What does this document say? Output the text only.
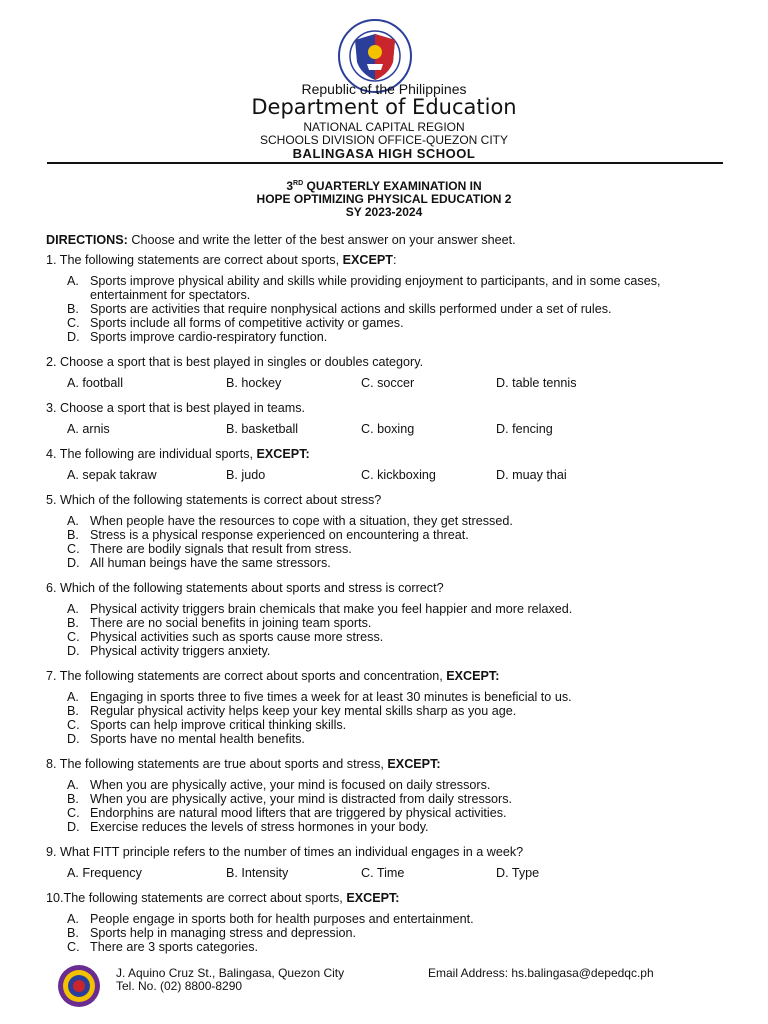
Republic of the Philippines
Department of Education
NATIONAL CAPITAL REGION
SCHOOLS DIVISION OFFICE-QUEZON CITY
BALINGASA HIGH SCHOOL
3RD QUARTERLY EXAMINATION IN
HOPE OPTIMIZING PHYSICAL EDUCATION 2
SY 2023-2024
DIRECTIONS: Choose and write the letter of the best answer on your answer sheet.
1. The following statements are correct about sports, EXCEPT:
A. Sports improve physical ability and skills while providing enjoyment to participants, and in some cases, entertainment for spectators.
B. Sports are activities that require nonphysical actions and skills performed under a set of rules.
C. Sports include all forms of competitive activity or games.
D. Sports improve cardio-respiratory function.
2. Choose a sport that is best played in singles or doubles category.
A. football	B. hockey	C. soccer	D. table tennis
3. Choose a sport that is best played in teams.
A. arnis	B. basketball	C. boxing	D. fencing
4. The following are individual sports, EXCEPT:
A. sepak takraw	B. judo	C. kickboxing	D. muay thai
5. Which of the following statements is correct about stress?
A. When people have the resources to cope with a situation, they get stressed.
B. Stress is a physical response experienced on encountering a threat.
C. There are bodily signals that result from stress.
D. All human beings have the same stressors.
6. Which of the following statements about sports and stress is correct?
A. Physical activity triggers brain chemicals that make you feel happier and more relaxed.
B. There are no social benefits in joining team sports.
C. Physical activities such as sports cause more stress.
D. Physical activity triggers anxiety.
7. The following statements are correct about sports and concentration, EXCEPT:
A. Engaging in sports three to five times a week for at least 30 minutes is beneficial to us.
B. Regular physical activity helps keep your key mental skills sharp as you age.
C. Sports can help improve critical thinking skills.
D. Sports have no mental health benefits.
8. The following statements are true about sports and stress, EXCEPT:
A. When you are physically active, your mind is focused on daily stressors.
B. When you are physically active, your mind is distracted from daily stressors.
C. Endorphins are natural mood lifters that are triggered by physical activities.
D. Exercise reduces the levels of stress hormones in your body.
9. What FITT principle refers to the number of times an individual engages in a week?
A. Frequency	B. Intensity	C. Time	D. Type
10.The following statements are correct about sports, EXCEPT:
A. People engage in sports both for health purposes and entertainment.
B. Sports help in managing stress and depression.
C. There are 3 sports categories.
J. Aquino Cruz St., Balingasa, Quezon City
Tel. No. (02) 8800-8290
Email Address: hs.balingasa@depedqc.ph
